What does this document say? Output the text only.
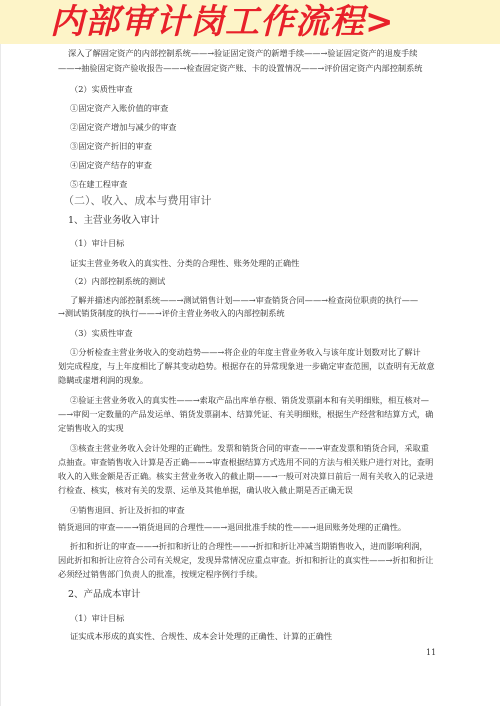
内部审计岗工作流程>
深入了解固定资产的内部控制系统——→验证固定资产的新增手续——→验证固定资产的退废手续
——→抽验固定资产验收报告——→检查固定资产账、卡的设置情况——→评价固定资产内部控制系统
（2）实质性审查
①固定资产入账价值的审查
②固定资产增加与减少的审查
③固定资产折旧的审查
④固定资产结存的审查
⑤在建工程审查
（二）、收入、成本与费用审计
1、主营业务收入审计
（1）审计目标
证实主营业务收入的真实性、分类的合理性、账务处理的正确性
（2）内部控制系统的测试
了解并描述内部控制系统——→测试销售计划——→审查销货合同——→检查岗位职责的执行——
→测试销货制度的执行——→评价主营业务收入的内部控制系统
（3）实质性审查
①分析检查主营业务收入的变动趋势——→将企业的年度主营业务收入与该年度计划数对比了解计
划完成程度，与上年度相比了解其变动趋势。根据存在的异常现象进一步确定审查范围，以查明有无故意
隐瞒或虚增利润的现象。
②验证主营业务收入的真实性——→索取产品出库单存根、销货发票副本和有关明细账，相互核对—
—→审阅一定数量的产品发运单、销货发票副本、结算凭证、有关明细账，根据生产经营和结算方式，确
定销售收入的实现
③核查主营业务收入会计处理的正确性。发票和销货合同的审查——→审查发票和销货合同，采取重
点抽查。审查销售收入计算是否正确——→审查根据结算方式选用不同的方法与相关账户进行对比，查明
收入的入账金额是否正确。核实主营业务收入的截止期——→一般可对决算日前后一周有关收入的记录进
行检查、核实，核对有关的发票、运单及其他单据，确认收入截止期是否正确无误
④销售退回、折让及折扣的审查
销货退回的审查——→销货退回的合理性——→退回批准手续的性——→退回账务处理的正确性。
折扣和折让的审查——→折扣和折让的合理性——→折扣和折让冲减当期销售收入，进而影响利润，
因此折扣和折让应符合公司有关规定，发现异常情况应重点审查。折扣和折让的真实性——→折扣和折让
必须经过销售部门负责人的批准，按规定程序例行手续。
2、产品成本审计
（1）审计目标
证实成本形成的真实性、合规性、成本会计处理的正确性、计算的正确性
11
